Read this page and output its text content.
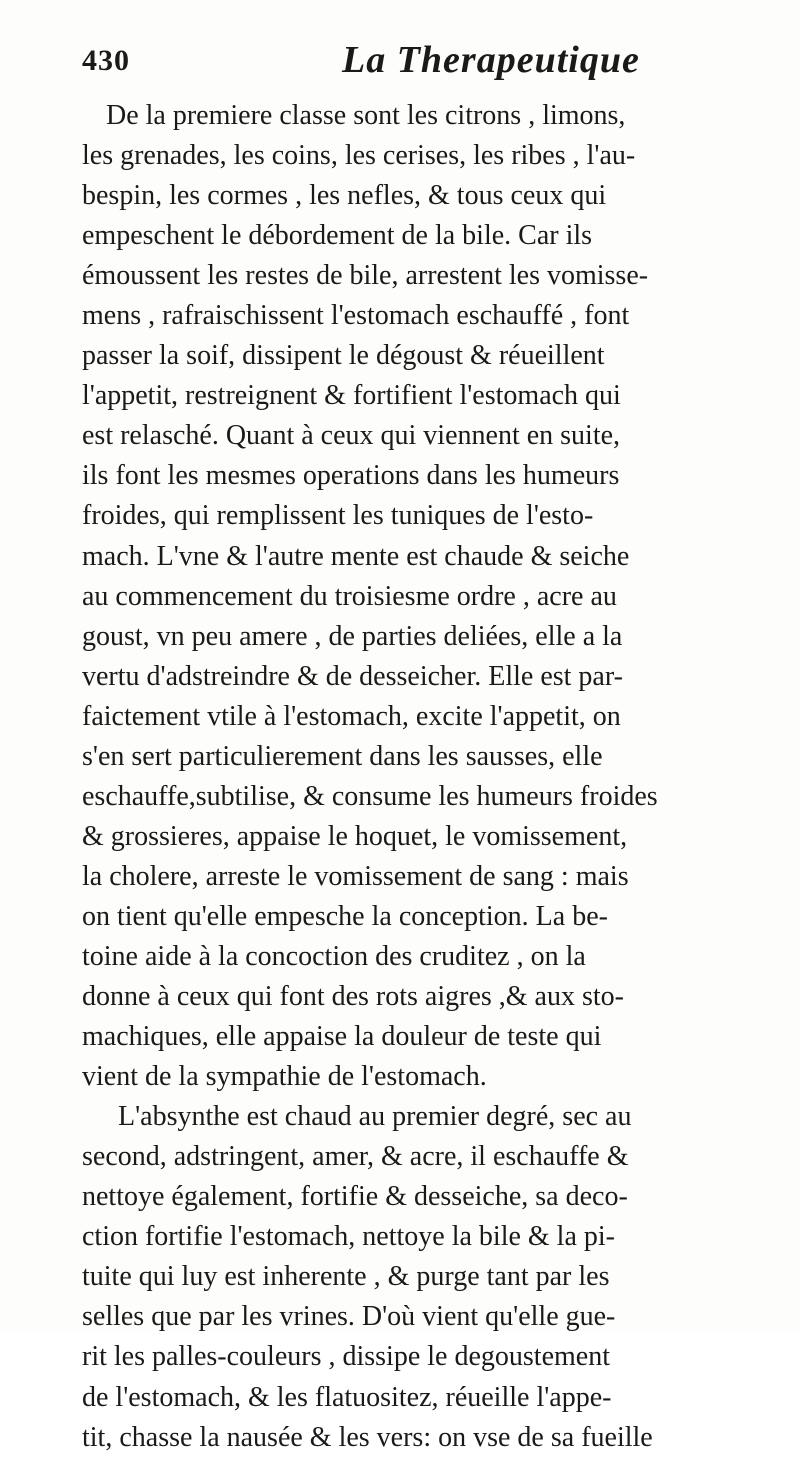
430	La Therapeutique
De la premiere classe sont les citrons , limons,
les grenades, les coins, les cerises, les ribes , l'au-
bespin, les cormes , les nefles, & tous ceux qui
empeschent le débordement de la bile. Car ils
émoussent les restes de bile, arrestent les vomisse-
mens , rafraischissent l'estomach eschauffé , font
passer la soif, dissipent le dégoust & réueillent
l'appetit, restreignent & fortifient l'estomach qui
est relasché. Quant à ceux qui viennent en suite,
ils font les mesmes operations dans les humeurs
froides, qui remplissent les tuniques de l'esto-
mach. L'vne & l'autre mente est chaude & seiche
au commencement du troisiesme ordre , acre au
goust, vn peu amere , de parties deliées, elle a la
vertu d'adstreindre & de desseicher. Elle est par-
faictement vtile à l'estomach, excite l'appetit, on
s'en sert particulierement dans les sausses, elle
eschauffe,subtilise, & consume les humeurs froides
& grossieres, appaise le hoquet, le vomissement,
la cholere, arreste le vomissement de sang : mais
on tient qu'elle empesche la conception. La be-
toine aide à la concoction des cruditez , on la
donne à ceux qui font des rots aigres ,& aux sto-
machiques, elle appaise la douleur de teste qui
vient de la sympathie de l'estomach.
L'absynthe est chaud au premier degré, sec au
second, adstringent, amer, & acre, il eschauffe &
nettoye également, fortifie & desseiche, sa deco-
ction fortifie l'estomach, nettoye la bile & la pi-
tuite qui luy est inherente , & purge tant par les
selles que par les vrines. D'où vient qu'elle gue-
rit les palles-couleurs , dissipe le degoustement
de l'estomach, & les flatuositez, réueille l'appe-
tit, chasse la nausée & les vers: on vse de sa fueille
